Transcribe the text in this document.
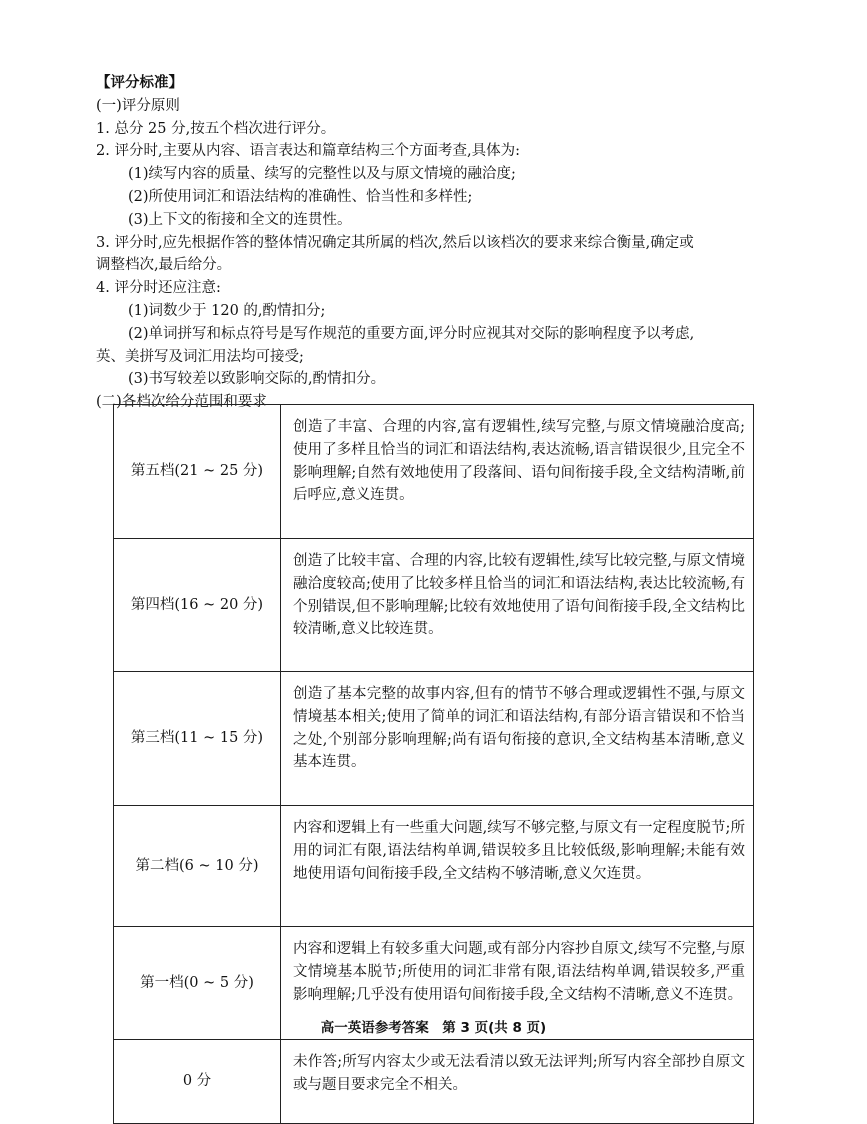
【评分标准】
(一)评分原则
1. 总分 25 分,按五个档次进行评分。
2. 评分时,主要从内容、语言表达和篇章结构三个方面考查,具体为:
(1)续写内容的质量、续写的完整性以及与原文情境的融洽度;
(2)所使用词汇和语法结构的准确性、恰当性和多样性;
(3)上下文的衔接和全文的连贯性。
3. 评分时,应先根据作答的整体情况确定其所属的档次,然后以该档次的要求来综合衡量,确定或
调整档次,最后给分。
4. 评分时还应注意:
(1)词数少于 120 的,酌情扣分;
(2)单词拼写和标点符号是写作规范的重要方面,评分时应视其对交际的影响程度予以考虑,
英、美拼写及词汇用法均可接受;
(3)书写较差以致影响交际的,酌情扣分。
(二)各档次给分范围和要求
第五档(21 ~ 25 分)	创造了丰富、合理的内容,富有逻辑性,续写完整,与原文情境融洽度高;使用了多样且恰当的词汇和语法结构,表达流畅,语言错误很少,且完全不影响理解;自然有效地使用了段落间、语句间衔接手段,全文结构清晰,前后呼应,意义连贯。
第四档(16 ~ 20 分)	创造了比较丰富、合理的内容,比较有逻辑性,续写比较完整,与原文情境融洽度较高;使用了比较多样且恰当的词汇和语法结构,表达比较流畅,有个别错误,但不影响理解;比较有效地使用了语句间衔接手段,全文结构比较清晰,意义比较连贯。
第三档(11 ~ 15 分)	创造了基本完整的故事内容,但有的情节不够合理或逻辑性不强,与原文情境基本相关;使用了简单的词汇和语法结构,有部分语言错误和不恰当之处,个别部分影响理解;尚有语句衔接的意识,全文结构基本清晰,意义基本连贯。
第二档(6 ~ 10 分)	内容和逻辑上有一些重大问题,续写不够完整,与原文有一定程度脱节;所用的词汇有限,语法结构单调,错误较多且比较低级,影响理解;未能有效地使用语句间衔接手段,全文结构不够清晰,意义欠连贯。
第一档(0 ~ 5 分)	内容和逻辑上有较多重大问题,或有部分内容抄自原文,续写不完整,与原文情境基本脱节;所使用的词汇非常有限,语法结构单调,错误较多,严重影响理解;几乎没有使用语句间衔接手段,全文结构不清晰,意义不连贯。
0 分	未作答;所写内容太少或无法看清以致无法评判;所写内容全部抄自原文或与题目要求完全不相关。
高一英语参考答案　第 3 页(共 8 页)
